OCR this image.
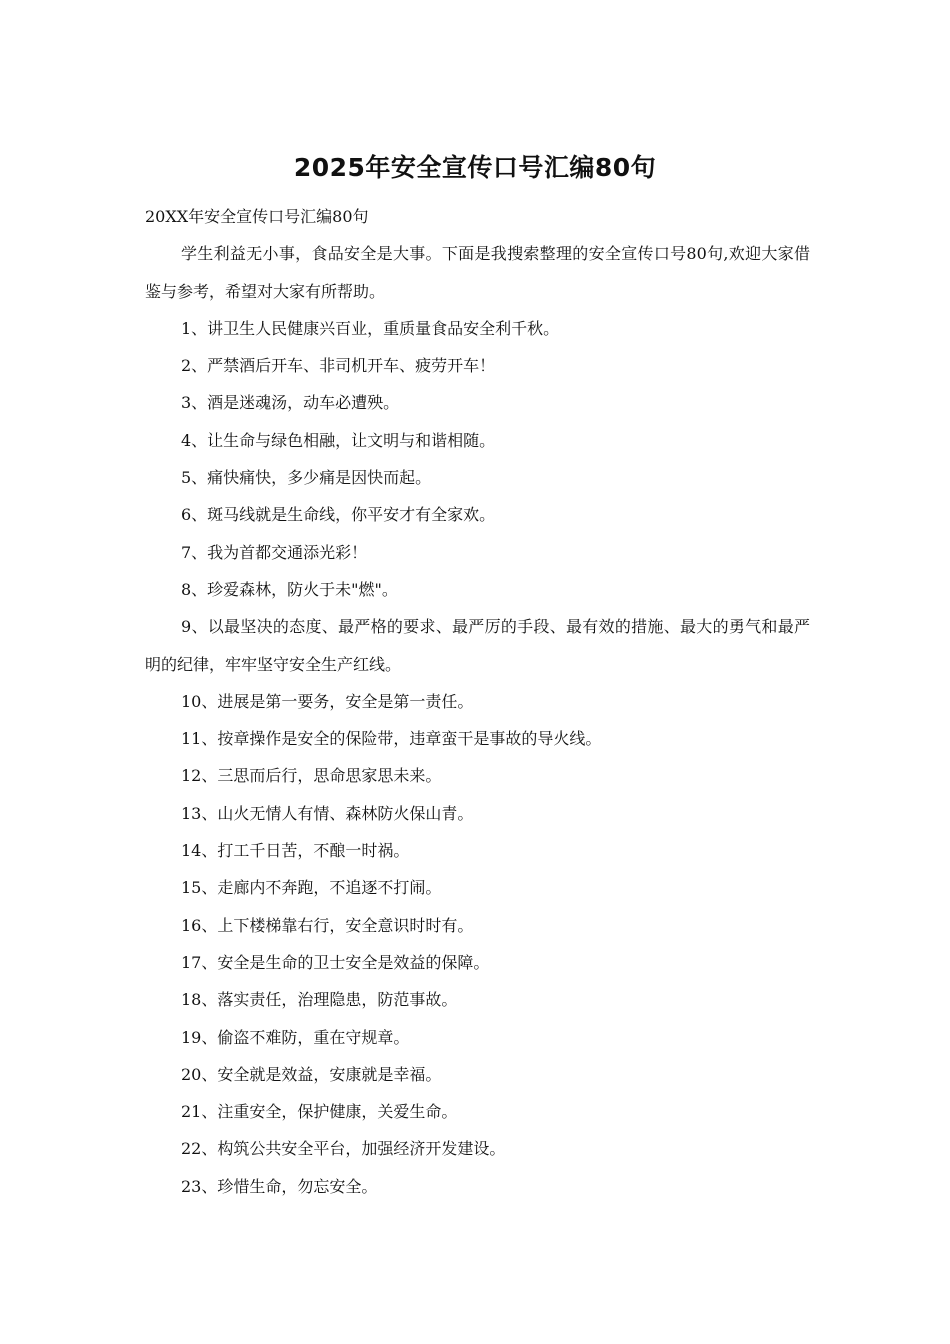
2025年安全宣传口号汇编80句

20XX年安全宣传口号汇编80句

学生利益无小事，食品安全是大事。下面是我搜索整理的安全宣传口号80句,欢迎大家借鉴与参考，希望对大家有所帮助。

1、讲卫生人民健康兴百业，重质量食品安全利千秋。

2、严禁酒后开车、非司机开车、疲劳开车！

3、酒是迷魂汤，动车必遭殃。

4、让生命与绿色相融，让文明与和谐相随。

5、痛快痛快，多少痛是因快而起。

6、斑马线就是生命线，你平安才有全家欢。

7、我为首都交通添光彩！

8、珍爱森林，防火于未"燃"。

9、以最坚决的态度、最严格的要求、最严厉的手段、最有效的措施、最大的勇气和最严明的纪律，牢牢坚守安全生产红线。

10、进展是第一要务，安全是第一责任。

11、按章操作是安全的保险带，违章蛮干是事故的导火线。

12、三思而后行，思命思家思未来。

13、山火无情人有情、森林防火保山青。

14、打工千日苦，不酿一时祸。

15、走廊内不奔跑，不追逐不打闹。

16、上下楼梯靠右行，安全意识时时有。

17、安全是生命的卫士安全是效益的保障。

18、落实责任，治理隐患，防范事故。

19、偷盗不难防，重在守规章。

20、安全就是效益，安康就是幸福。

21、注重安全，保护健康，关爱生命。

22、构筑公共安全平台，加强经济开发建设。

23、珍惜生命，勿忘安全。
